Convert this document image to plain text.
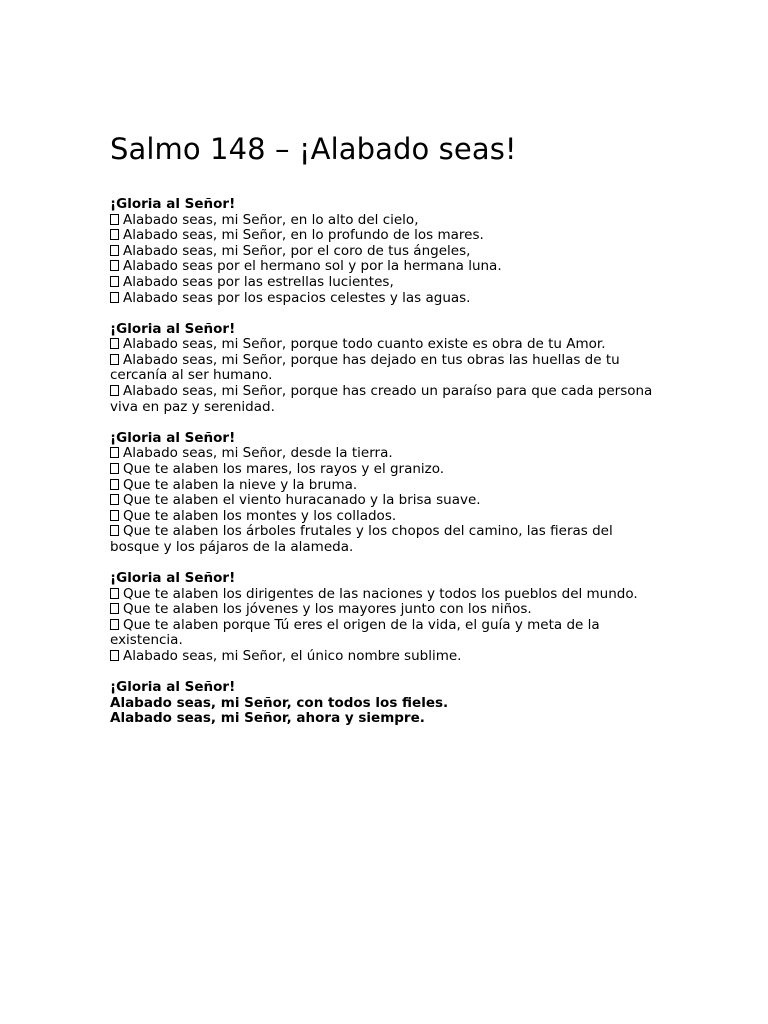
Salmo 148 – ¡Alabado seas!
¡Gloria al Señor!
Alabado seas, mi Señor, en lo alto del cielo,
Alabado seas, mi Señor, en lo profundo de los mares.
Alabado seas, mi Señor, por el coro de tus ángeles,
Alabado seas por el hermano sol y por la hermana luna.
Alabado seas por las estrellas lucientes,
Alabado seas por los espacios celestes y las aguas.
¡Gloria al Señor!
Alabado seas, mi Señor, porque todo cuanto existe es obra de tu Amor.
Alabado seas, mi Señor, porque has dejado en tus obras las huellas de tu cercanía al ser humano.
Alabado seas, mi Señor, porque has creado un paraíso para que cada persona viva en paz y serenidad.
¡Gloria al Señor!
Alabado seas, mi Señor, desde la tierra.
Que te alaben los mares, los rayos y el granizo.
Que te alaben la nieve y la bruma.
Que te alaben el viento huracanado y la brisa suave.
Que te alaben los montes y los collados.
Que te alaben los árboles frutales y los chopos del camino, las fieras del bosque y los pájaros de la alameda.
¡Gloria al Señor!
Que te alaben los dirigentes de las naciones y todos los pueblos del mundo.
Que te alaben los jóvenes y los mayores junto con los niños.
Que te alaben porque Tú eres el origen de la vida, el guía y meta de la existencia.
Alabado seas, mi Señor, el único nombre sublime.
¡Gloria al Señor!
Alabado seas, mi Señor, con todos los fieles.
Alabado seas, mi Señor, ahora y siempre.
